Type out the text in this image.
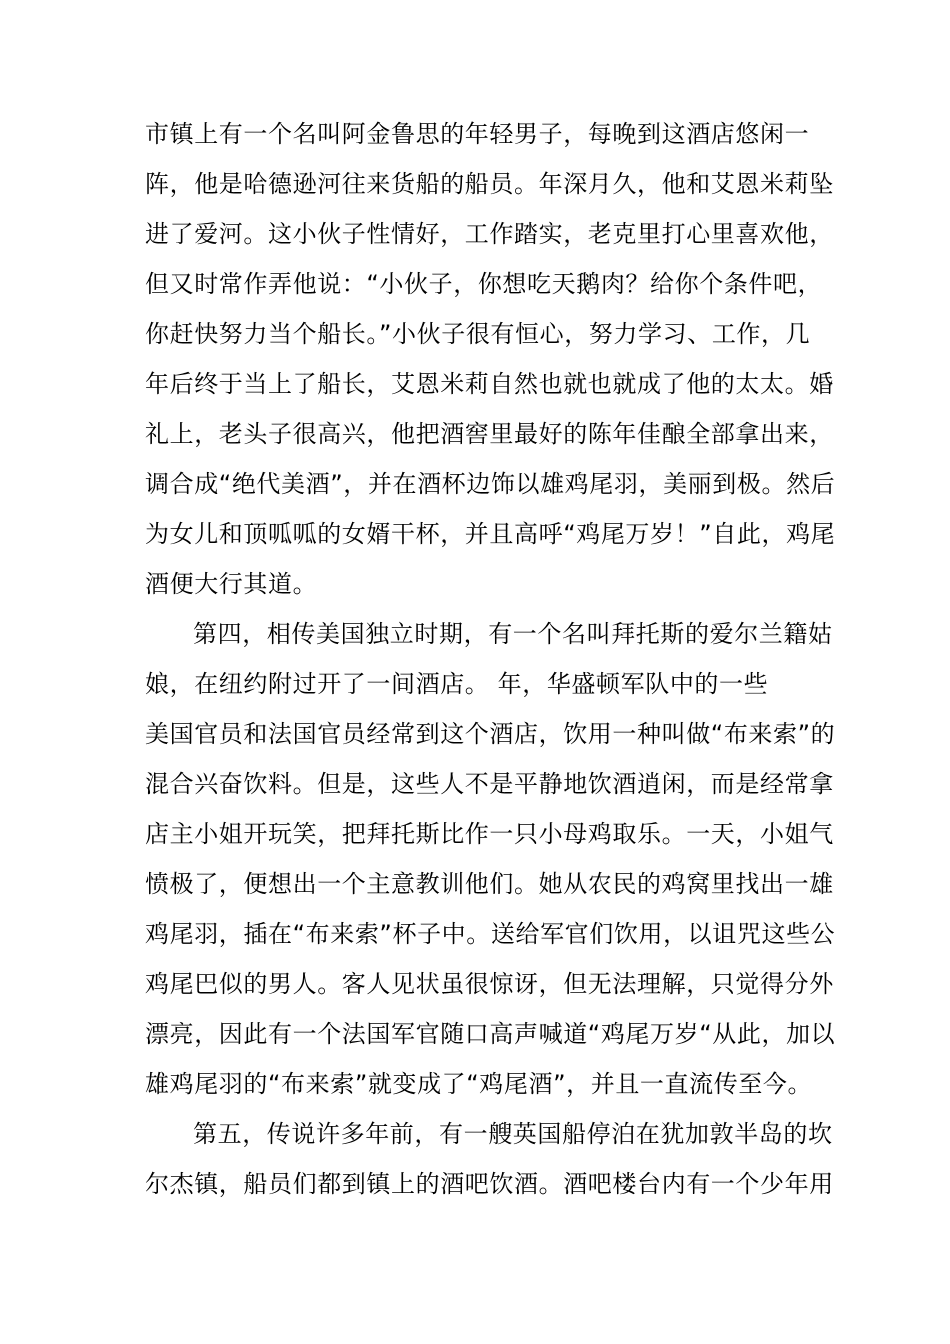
市镇上有一个名叫阿金鲁思的年轻男子，每晚到这酒店悠闲一
阵，他是哈德逊河往来货船的船员。年深月久，他和艾恩米莉坠
进了爱河。这小伙子性情好，工作踏实，老克里打心里喜欢他，
但又时常作弄他说：“小伙子，你想吃天鹅肉？给你个条件吧，
你赶快努力当个船长。”小伙子很有恒心，努力学习、工作，几
年后终于当上了船长，艾恩米莉自然也就也就成了他的太太。婚
礼上，老头子很高兴，他把酒窖里最好的陈年佳酿全部拿出来，
调合成“绝代美酒”，并在酒杯边饰以雄鸡尾羽，美丽到极。然后
为女儿和顶呱呱的女婿干杯，并且高呼“鸡尾万岁！”自此，鸡尾
酒便大行其道。
第四，相传美国独立时期，有一个名叫拜托斯的爱尔兰籍姑
娘，在纽约附过开了一间酒店。 年，华盛顿军队中的一些
美国官员和法国官员经常到这个酒店，饮用一种叫做“布来索”的
混合兴奋饮料。但是，这些人不是平静地饮酒逍闲，而是经常拿
店主小姐开玩笑，把拜托斯比作一只小母鸡取乐。一天，小姐气
愤极了，便想出一个主意教训他们。她从农民的鸡窝里找出一雄
鸡尾羽，插在“布来索”杯子中。送给军官们饮用，以诅咒这些公
鸡尾巴似的男人。客人见状虽很惊讶，但无法理解，只觉得分外
漂亮，因此有一个法国军官随口高声喊道“鸡尾万岁“从此，加以
雄鸡尾羽的“布来索”就变成了“鸡尾酒”，并且一直流传至今。
第五，传说许多年前，有一艘英国船停泊在犹加敦半岛的坎
尔杰镇，船员们都到镇上的酒吧饮酒。酒吧楼台内有一个少年用
